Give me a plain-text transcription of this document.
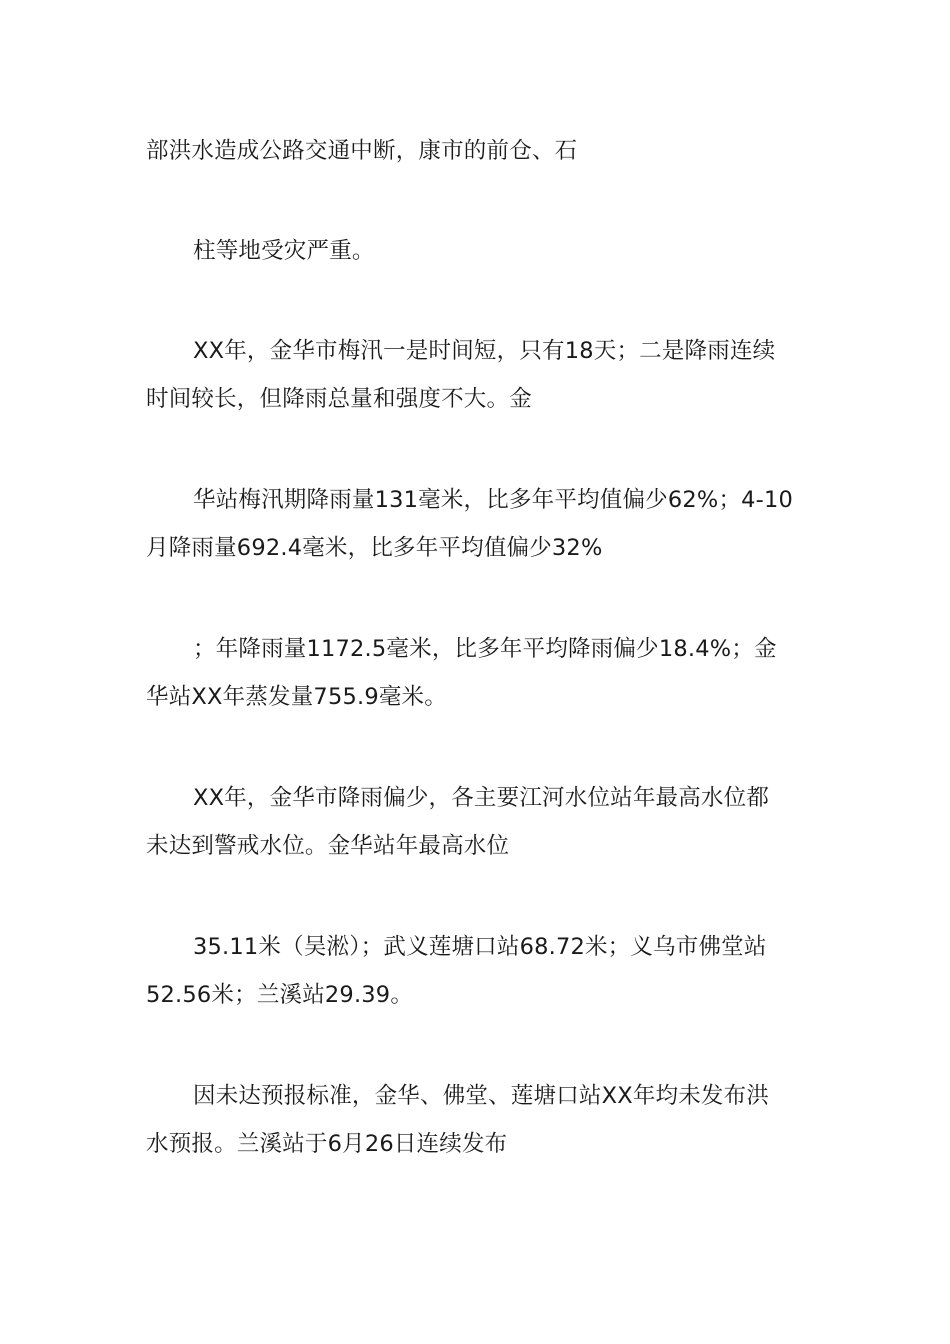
部洪水造成公路交通中断，康市的前仓、石

柱等地受灾严重。

XX年，金华市梅汛一是时间短，只有18天；二是降雨连续
时间较长，但降雨总量和强度不大。金

华站梅汛期降雨量131毫米，比多年平均值偏少62%；4-10
月降雨量692.4毫米，比多年平均值偏少32%

；年降雨量1172.5毫米，比多年平均降雨偏少18.4%；金
华站XX年蒸发量755.9毫米。

XX年，金华市降雨偏少，各主要江河水位站年最高水位都
未达到警戒水位。金华站年最高水位

35.11米（吴淞）；武义莲塘口站68.72米；义乌市佛堂站
52.56米；兰溪站29.39。

因未达预报标准，金华、佛堂、莲塘口站XX年均未发布洪
水预报。兰溪站于6月26日连续发布
